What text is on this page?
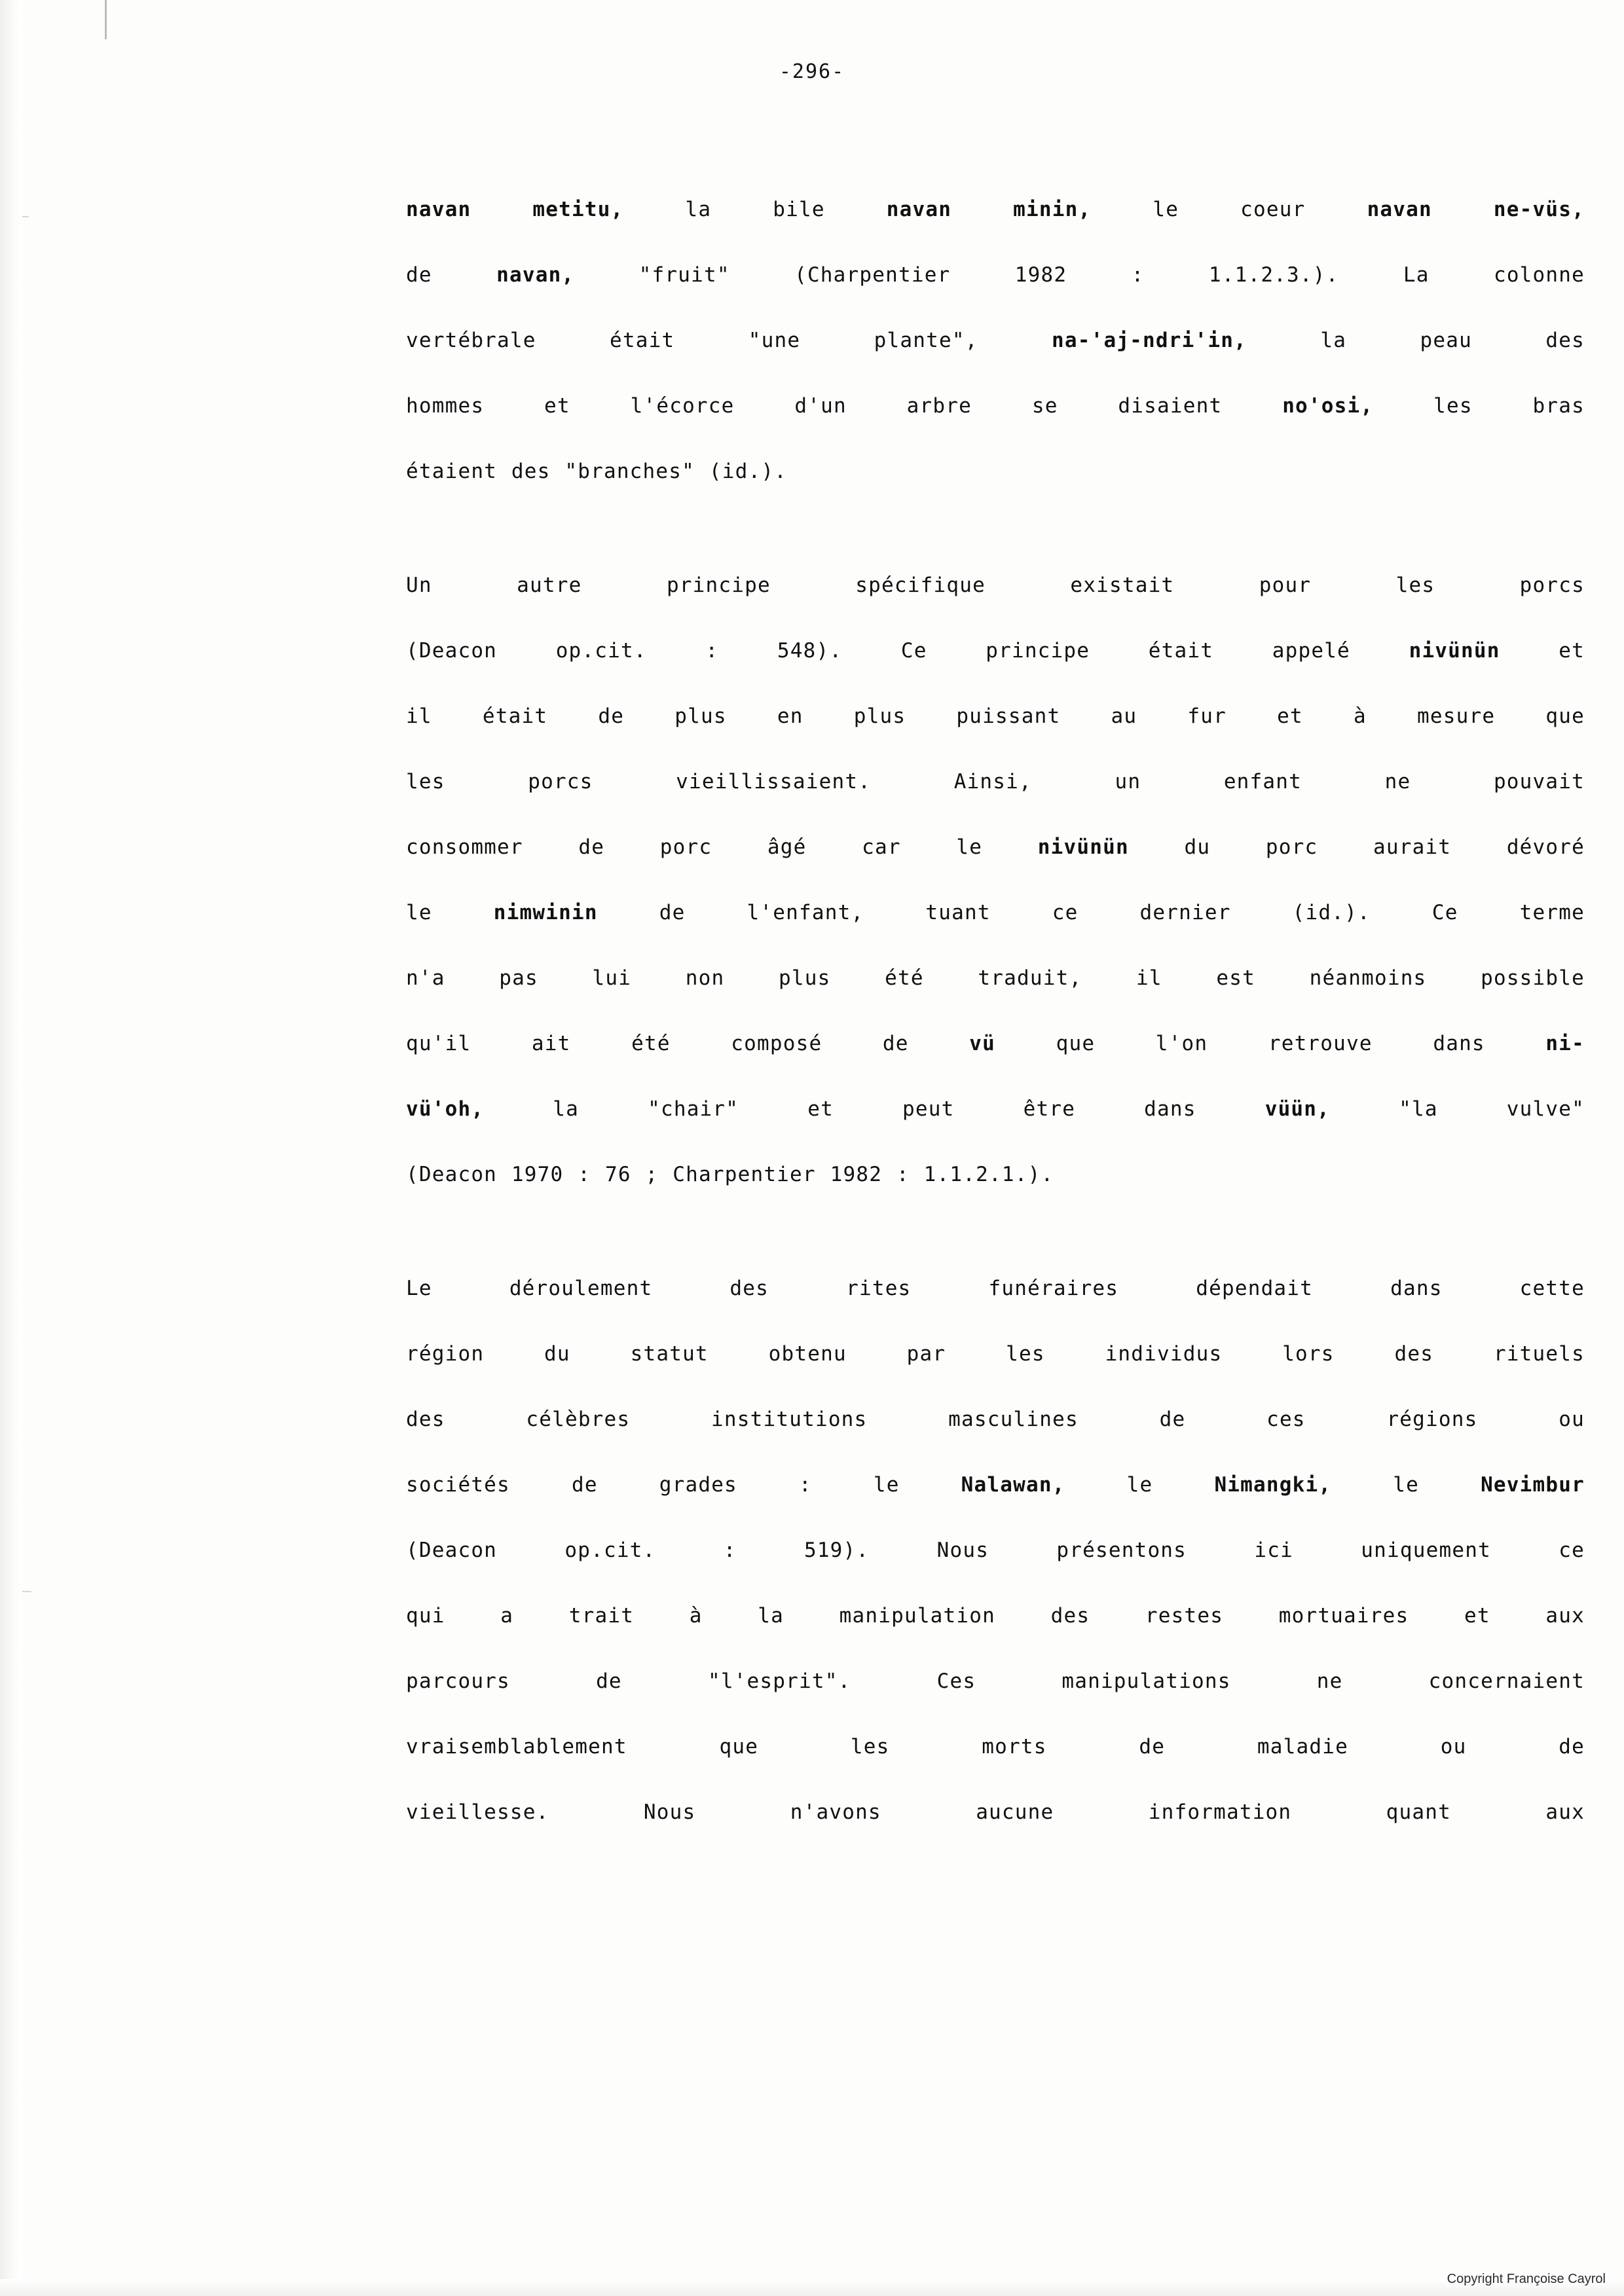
-296-

navan metitu, la bile navan minin, le coeur navan ne-vüs,
de navan, "fruit" (Charpentier 1982 : 1.1.2.3.). La colonne
vertébrale était "une plante", na-'aj-ndri'in, la peau des
hommes et l'écorce d'un arbre se disaient no'osi, les bras
étaient des "branches" (id.).

Un autre principe spécifique existait pour les porcs
(Deacon op.cit. : 548). Ce principe était appelé nivünün et
il était de plus en plus puissant au fur et à mesure que
les porcs vieillissaient. Ainsi, un enfant ne pouvait
consommer de porc âgé car le nivünün du porc aurait dévoré
le nimwinin de l'enfant, tuant ce dernier (id.). Ce terme
n'a pas lui non plus été traduit, il est néanmoins possible
qu'il ait été composé de vü que l'on retrouve dans ni-
vü'oh, la "chair" et peut être dans vüün, "la vulve"
(Deacon 1970 : 76 ; Charpentier 1982 : 1.1.2.1.).

Le déroulement des rites funéraires dépendait dans cette
région du statut obtenu par les individus lors des rituels
des célèbres institutions masculines de ces régions ou
sociétés de grades : le Nalawan, le Nimangki, le Nevimbur
(Deacon op.cit. : 519). Nous présentons ici uniquement ce
qui a trait à la manipulation des restes mortuaires et aux
parcours de "l'esprit". Ces manipulations ne concernaient
vraisemblablement que les morts de maladie ou de
vieillesse. Nous n'avons aucune information quant aux

Copyright Françoise Cayrol
